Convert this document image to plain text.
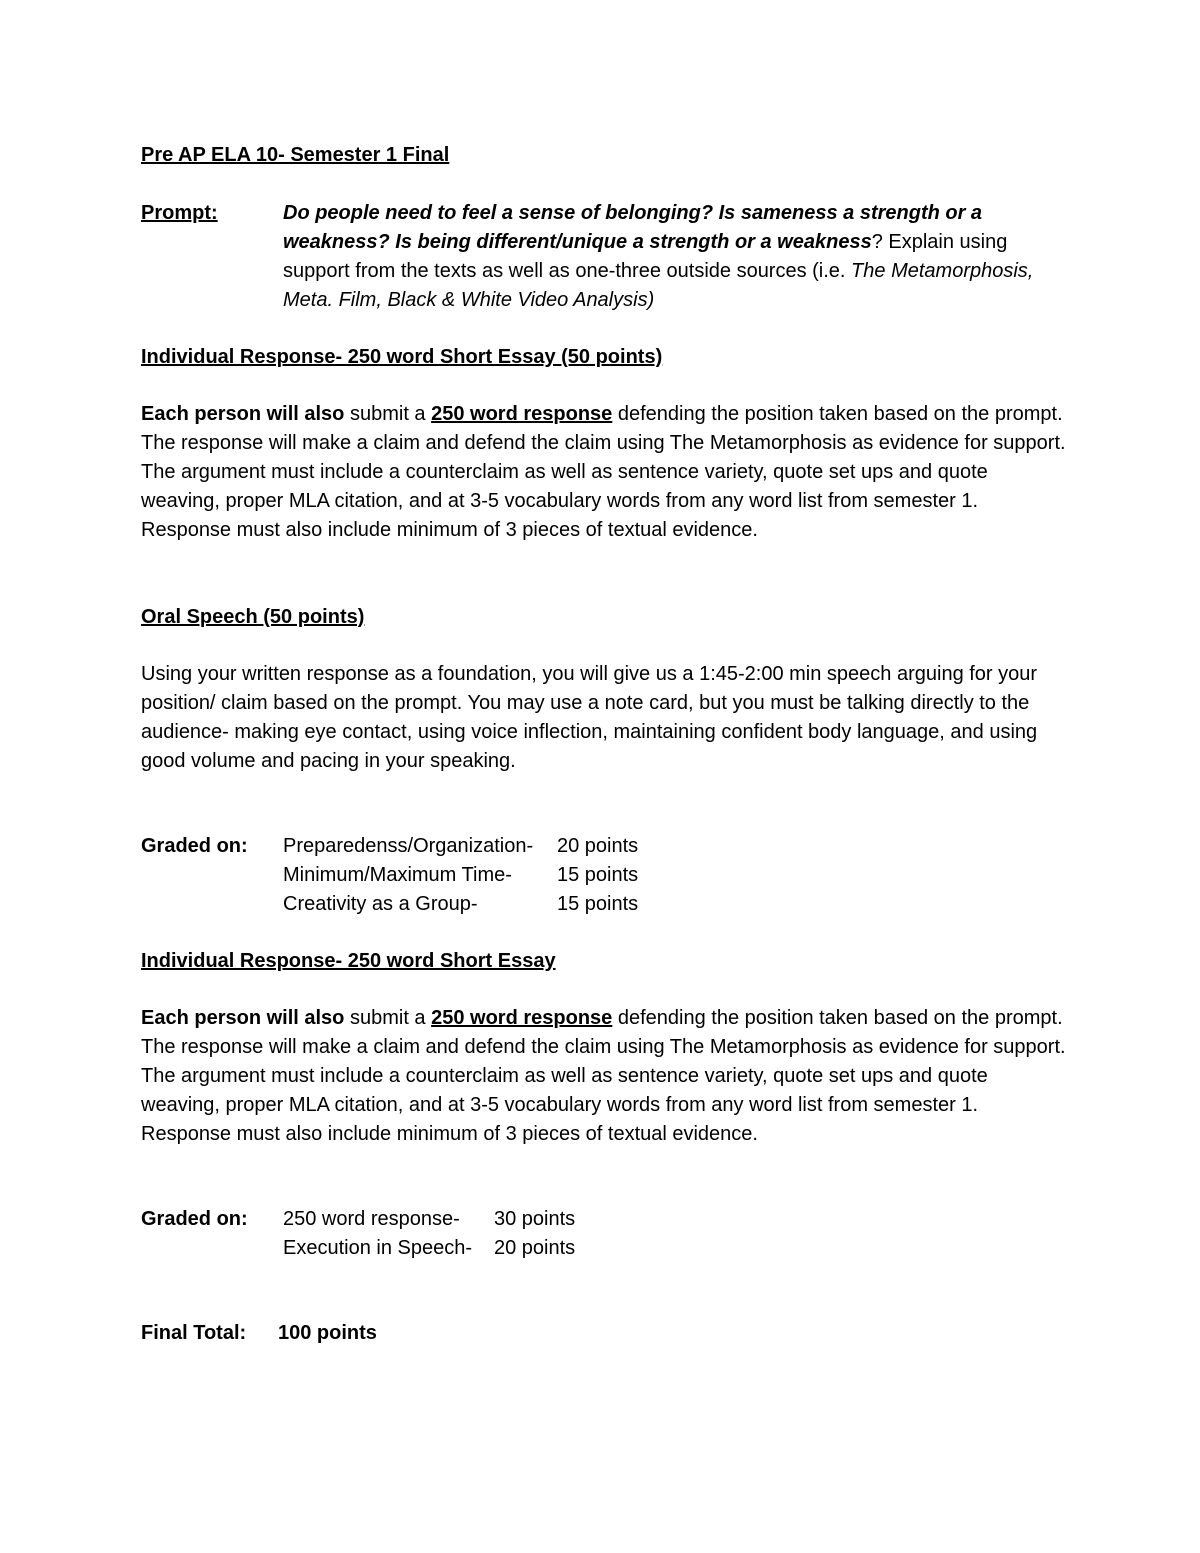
Pre AP ELA 10- Semester 1 Final
Prompt:	Do people need to feel a sense of belonging? Is sameness a strength or a weakness? Is being different/unique a strength or a weakness? Explain using support from the texts as well as one-three outside sources (i.e. The Metamorphosis, Meta. Film, Black & White Video Analysis)

Individual Response- 250 word Short Essay (50 points)

Each person will also submit a 250 word response defending the position taken based on the prompt. The response will make a claim and defend the claim using The Metamorphosis as evidence for support. The argument must include a counterclaim as well as sentence variety, quote set ups and quote weaving, proper MLA citation, and at 3-5 vocabulary words from any word list from semester 1. Response must also include minimum of 3 pieces of textual evidence.

Oral Speech (50 points)

Using your written response as a foundation, you will give us a 1:45-2:00 min speech arguing for your position/ claim based on the prompt. You may use a note card, but you must be talking directly to the audience- making eye contact, using voice inflection, maintaining confident body language, and using good volume and pacing in your speaking.

Graded on: Preparedenss/Organization- 20 points
Minimum/Maximum Time- 15 points
Creativity as a Group-	15 points
Individual Response- 250 word Short Essay

Each person will also submit a 250 word response defending the position taken based on the prompt. The response will make a claim and defend the claim using The Metamorphosis as evidence for support. The argument must include a counterclaim as well as sentence variety, quote set ups and quote weaving, proper MLA citation, and at 3-5 vocabulary words from any word list from semester 1. Response must also include minimum of 3 pieces of textual evidence.

Graded on: 250 word response- 30 points
Execution in Speech- 20 points
Final Total: 100 points
